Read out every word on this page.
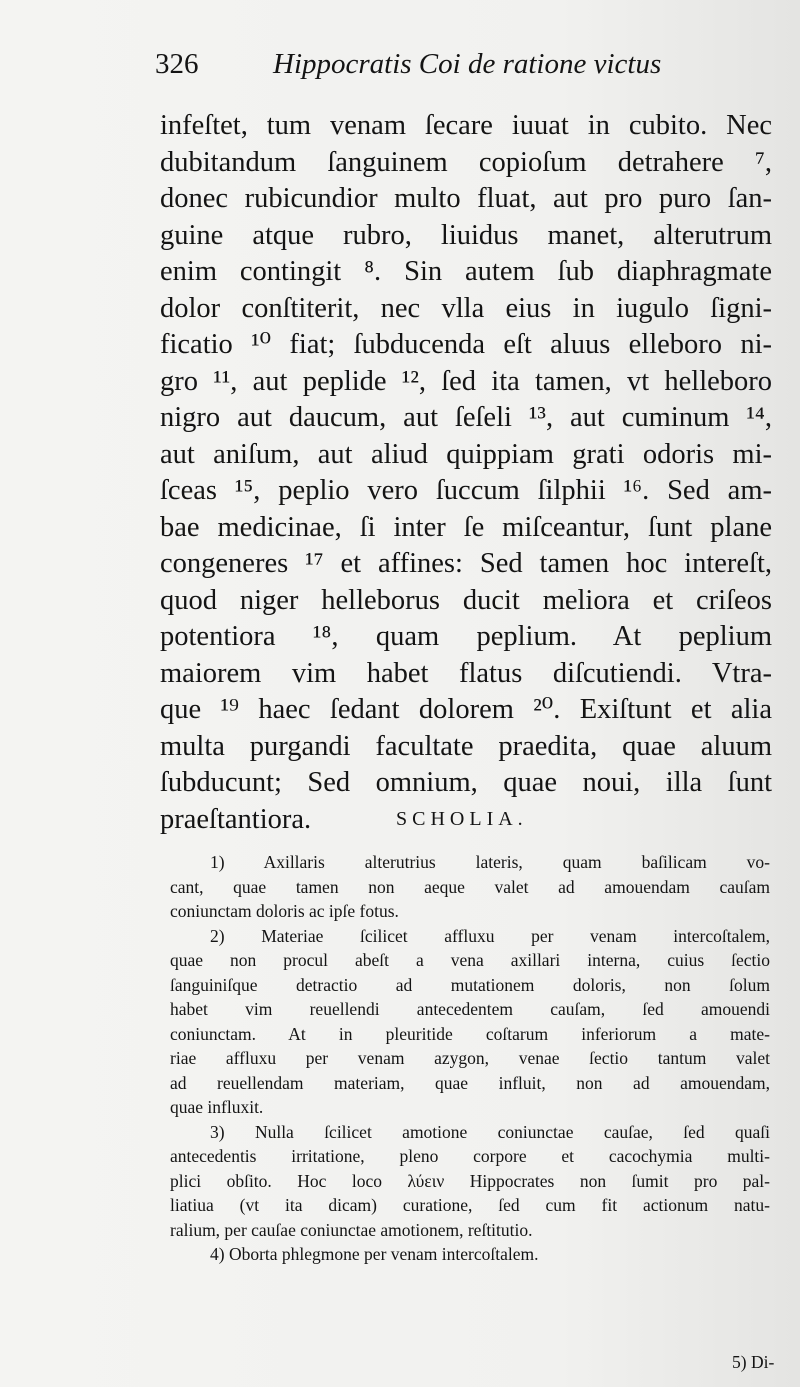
326	Hippocratis Coi de ratione victus
infeſtet, tum venam ſecare iuuat in cubito. Nec
dubitandum ſanguinem copioſum detrahere ⁷,
donec rubicundior multo fluat, aut pro puro ſan-
guine atque rubro, liuidus manet, alterutrum
enim contingit ⁸. Sin autem ſub diaphragmate
dolor conſtiterit, nec vlla eius in iugulo ſigni-
ficatio ¹⁰ fiat; ſubducenda eſt aluus elleboro ni-
gro ¹¹, aut peplide ¹², ſed ita tamen, vt helleboro
nigro aut daucum, aut ſeſeli ¹³, aut cuminum ¹⁴,
aut aniſum, aut aliud quippiam grati odoris mi-
ſceas ¹⁵, peplio vero ſuccum ſilphii ¹⁶. Sed am-
bae medicinae, ſi inter ſe miſceantur, ſunt plane
congeneres ¹⁷ et affines: Sed tamen hoc intereſt,
quod niger helleborus ducit meliora et criſeos
potentiora ¹⁸, quam peplium. At peplium
maiorem vim habet flatus diſcutiendi. Vtra-
que ¹⁹ haec ſedant dolorem ²⁰. Exiſtunt et alia
multa purgandi facultate praedita, quae aluum
ſubducunt; Sed omnium, quae noui, illa ſunt
praeſtantiora.	SCHOLIA.
1) Axillaris alterutrius lateris, quam baſilicam vo-
cant, quae tamen non aeque valet ad amouendam cauſam
coniunctam doloris ac ipſe fotus.
2) Materiae ſcilicet affluxu per venam intercoſtalem,
quae non procul abeſt a vena axillari interna, cuius ſectio
ſanguiniſque detractio ad mutationem doloris, non ſolum
habet vim reuellendi antecedentem cauſam, ſed amouendi
coniunctam. At in pleuritide coſtarum inferiorum a mate-
riae affluxu per venam azygon, venae ſectio tantum valet
ad reuellendam materiam, quae influit, non ad amouendam,
quae influxit.
3) Nulla ſcilicet amotione coniunctae cauſae, ſed quaſi
antecedentis irritatione, pleno corpore et cacochymia multi-
plici obſito. Hoc loco λύειν Hippocrates non ſumit pro pal-
liatiua (vt ita dicam) curatione, ſed cum fit actionum natu-
ralium, per cauſae coniunctae amotionem, reſtitutio.
4) Oborta phlegmone per venam intercoſtalem.
5) Di-
